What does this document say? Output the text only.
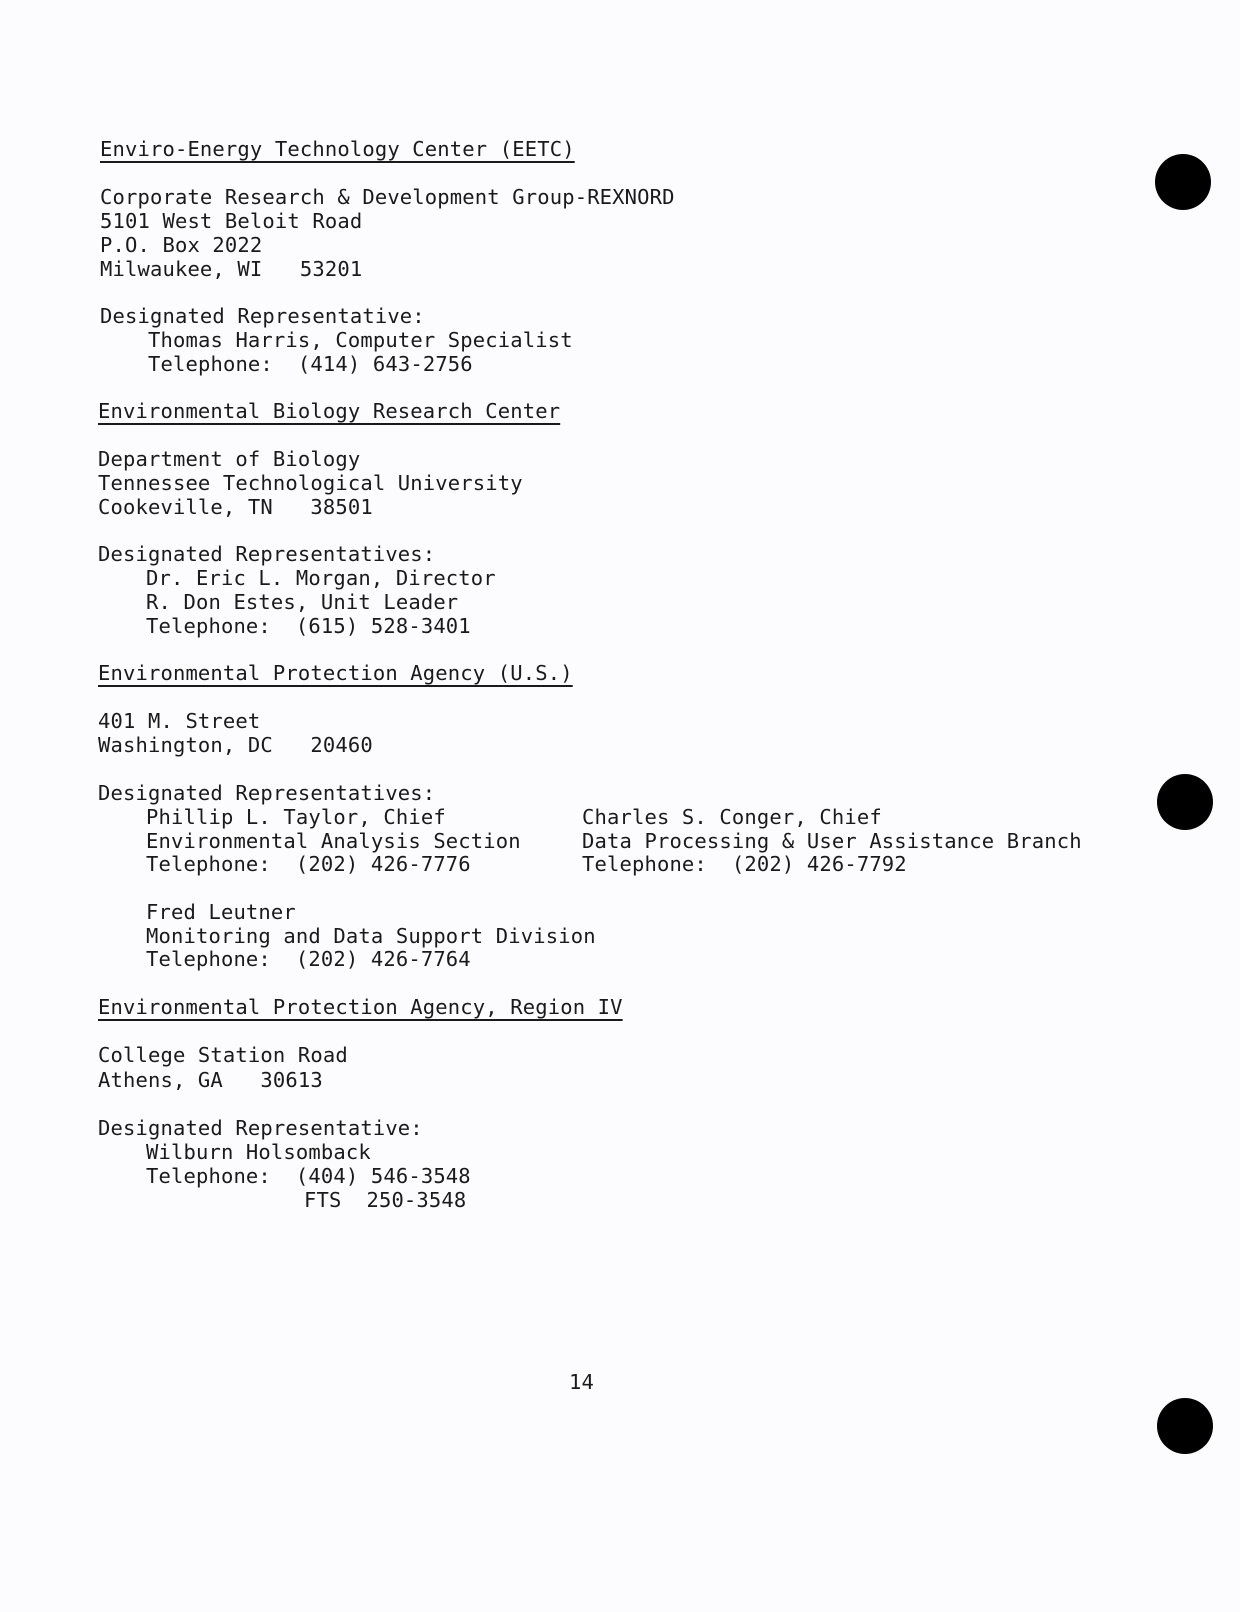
Enviro-Energy Technology Center (EETC)
Corporate Research & Development Group-REXNORD
5101 West Beloit Road
P.O. Box 2022
Milwaukee, WI   53201
Designated Representative:
Thomas Harris, Computer Specialist
Telephone:  (414) 643-2756
Environmental Biology Research Center
Department of Biology
Tennessee Technological University
Cookeville, TN   38501
Designated Representatives:
Dr. Eric L. Morgan, Director
R. Don Estes, Unit Leader
Telephone:  (615) 528-3401
Environmental Protection Agency (U.S.)
401 M. Street
Washington, DC   20460
Designated Representatives:
Phillip L. Taylor, Chief
Environmental Analysis Section
Telephone:  (202) 426-7776
Charles S. Conger, Chief
Data Processing & User Assistance Branch
Telephone:  (202) 426-7792
Fred Leutner
Monitoring and Data Support Division
Telephone:  (202) 426-7764
Environmental Protection Agency, Region IV
College Station Road
Athens, GA   30613
Designated Representative:
Wilburn Holsomback
Telephone:  (404) 546-3548
FTS  250-3548
14
